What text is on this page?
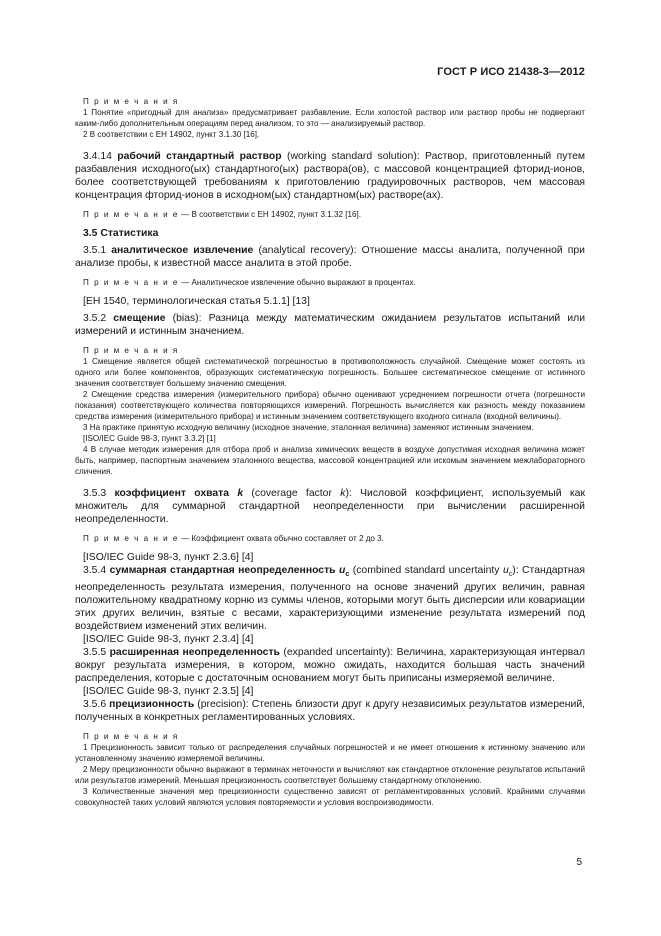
ГОСТ Р ИСО 21438-3—2012

П р и м е ч а н и я

1 Понятие «пригодный для анализа» предусматривает разбавление. Если холостой раствор или раствор пробы не подвергают каким-либо дополнительным операциям перед анализом, то это — анализируемый раствор.

2 В соответствии с ЕН 14902, пункт 3.1.30 [16].

3.4.14 рабочий стандартный раствор (working standard solution): Раствор, приготовленный путем разбавления исходного(ых) стандартного(ых) раствора(ов), с массовой концентрацией фторид-ионов, более соответствующей требованиям к приготовлению градуировочных растворов, чем массовая концентрация фторид-ионов в исходном(ых) стандартном(ых) растворе(ах).

П р и м е ч а н и е — В соответствии с ЕН 14902, пункт 3.1.32 [16].

3.5 Статистика

3.5.1 аналитическое извлечение (analytical recovery): Отношение массы аналита, полученной при анализе пробы, к известной массе аналита в этой пробе.

П р и м е ч а н и е — Аналитическое извлечение обычно выражают в процентах.

[ЕН 1540, терминологическая статья 5.1.1] [13]

3.5.2 смещение (bias): Разница между математическим ожиданием результатов испытаний или измерений и истинным значением.

П р и м е ч а н и я

1 Смещение является общей систематической погрешностью в противоположность случайной. Смещение может состоять из одного или более компонентов, образующих систематическую погрешность. Большее систематическое смещение от истинного значения соответствует большему значению смещения.

2 Смещение средства измерения (измерительного прибора) обычно оценивают усреднением погрешности отчета (погрешности показания) соответствующего количества повторяющихся измерений. Погрешность вычисляется как разность между показанием средства измерения (измерительного прибора) и истинным значением соответствующего входного сигнала (входной величины).

3 На практике принятую исходную величину (исходное значение, эталонная величина) заменяют истинным значением.

[ISO/IEC Guide 98-3, пункт 3.3.2] [1]

4 В случае методик измерения для отбора проб и анализа химических веществ в воздухе допустимая исходная величина может быть, например, паспортным значением эталонного вещества, массовой концентрацией или искомым значением межлабораторного сличения.

3.5.3 коэффициент охвата k (coverage factor k): Числовой коэффициент, используемый как множитель для суммарной стандартной неопределенности при вычислении расширенной неопределенности.

П р и м е ч а н и е — Коэффициент охвата обычно составляет от 2 до 3.

[ISO/IEC Guide 98-3, пункт 2.3.6] [4]

3.5.4 суммарная стандартная неопределенность $u_c$ (combined standard uncertainty $u_c$): Стандартная неопределенность результата измерения, полученного на основе значений других величин, равная положительному квадратному корню из суммы членов, которыми могут быть дисперсии или ковариации этих других величин, взятые с весами, характеризующими изменение результата измерений под воздействием изменений этих величин.

[ISO/IEC Guide 98-3, пункт 2.3.4] [4]

3.5.5 расширенная неопределенность (expanded uncertainty): Величина, характеризующая интервал вокруг результата измерения, в котором, можно ожидать, находится большая часть значений распределения, которые с достаточным основанием могут быть приписаны измеряемой величине.

[ISO/IEC Guide 98-3, пункт 2.3.5] [4]

3.5.6 прецизионность (precision): Степень близости друг к другу независимых результатов измерений, полученных в конкретных регламентированных условиях.

П р и м е ч а н и я

1 Прецизионность зависит только от распределения случайных погрешностей и не имеет отношения к истинному значению или установленному значению измеряемой величины.

2 Меру прецизионности обычно выражают в терминах неточности и вычисляют как стандартное отклонение результатов испытаний или результатов измерений. Меньшая прецизионность соответствует большему стандартному отклонению.

3 Количественные значения мер прецизионности существенно зависят от регламентированных условий. Крайними случаями совокупностей таких условий являются условия повторяемости и условия воспроизводимости.

5
